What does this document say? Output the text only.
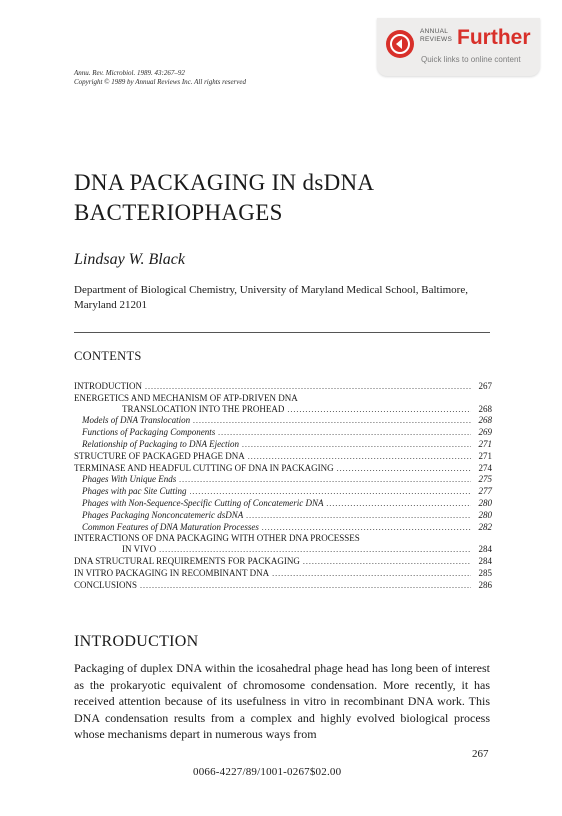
ANNUAL
REVIEWS Further
Quick links to online content
Annu. Rev. Microbiol. 1989. 43:267–92
Copyright © 1989 by Annual Reviews Inc. All rights reserved
DNA PACKAGING IN dsDNA
BACTERIOPHAGES
Lindsay W. Black
Department of Biological Chemistry, University of Maryland Medical School, Baltimore, Maryland 21201
CONTENTS
INTRODUCTION .....	267
ENERGETICS AND MECHANISM OF ATP-DRIVEN DNA
TRANSLOCATION INTO THE PROHEAD .....	268
Models of DNA Translocation .....	268
Functions of Packaging Components .....	269
Relationship of Packaging to DNA Ejection .....	271
STRUCTURE OF PACKAGED PHAGE DNA .....	271
TERMINASE AND HEADFUL CUTTING OF DNA IN PACKAGING .....	274
Phages With Unique Ends .....	275
Phages with pac Site Cutting .....	277
Phages with Non-Sequence-Specific Cutting of Concatemeric DNA .....	280
Phages Packaging Nonconcatemeric dsDNA .....	280
Common Features of DNA Maturation Processes .....	282
INTERACTIONS OF DNA PACKAGING WITH OTHER DNA PROCESSES
IN VIVO .....	284
DNA STRUCTURAL REQUIREMENTS FOR PACKAGING .....	284
IN VITRO PACKAGING IN RECOMBINANT DNA .....	285
CONCLUSIONS .....	286
INTRODUCTION
Packaging of duplex DNA within the icosahedral phage head has long been of interest as the prokaryotic equivalent of chromosome condensation. More recently, it has received attention because of its usefulness in vitro in recombinant DNA work. This DNA condensation results from a complex and highly evolved biological process whose mechanisms depart in numerous ways from
267
0066-4227/89/1001-0267$02.00
